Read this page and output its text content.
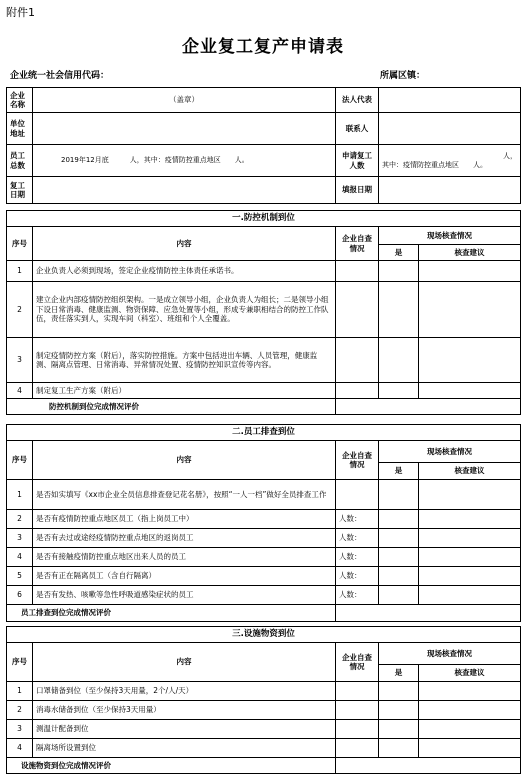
附件1
企业复工复产申请表
企业统一社会信用代码：	所属区镇：
企业名称	（盖章）	法人代表	
单位地址		联系人	
员工总数	2019年12月底　　　人，其中：疫情防控重点地区　　人。	申请复工人数	人，
其中：疫情防控重点地区　　人。

复工日期		填报日期	
一.防控机制到位				
序号	内容	企业自查情况	现场核查情况	
			是	核查建议
1	企业负责人必须到现场，签定企业疫情防控主体责任承诺书。			
2	建立企业内部疫情防控组织架构。一是成立领导小组，企业负责人为组长；二是领导小组下设日常消毒、健康监测、物资保障、应急处置等小组，形成专兼职相结合的防控工作队伍，责任落实到人，实现车间（科室）、班组和个人全覆盖。			
3	制定疫情防控方案（附后），落实防控措施。方案中包括进出车辆、人员管理，健康监测、隔离点管理、日常消毒、异常情况处置、疫情防控知识宣传等内容。			
4	制定复工生产方案（附后）			
防控机制到位完成情况评价				
二.员工排查到位				
序号	内容	企业自查情况	现场核查情况	
			是	核查建议
1	是否如实填写《xx市企业全员信息排查登记花名册》，按照“一人一档”做好全员排查工作			
2	是否有疫情防控重点地区员工（指上岗员工中）	人数：		
3	是否有去过或途经疫情防控重点地区的返岗员工	人数：		
4	是否有接触疫情防控重点地区出来人员的员工	人数：		
5	是否有正在隔离员工（含自行隔离）	人数：		
6	是否有发热、咳嗽等急性呼吸道感染症状的员工	人数：		
员工排查到位完成情况评价				
三.设施物资到位				
序号	内容	企业自查情况	现场核查情况	
			是	核查建议
1	口罩储备到位（至少保持3天用量，2个/人/天）			
2	消毒水储备到位（至少保持3天用量）			
3	测温计配备到位			
4	隔离场所设置到位			
设施物资到位完成情况评价				
